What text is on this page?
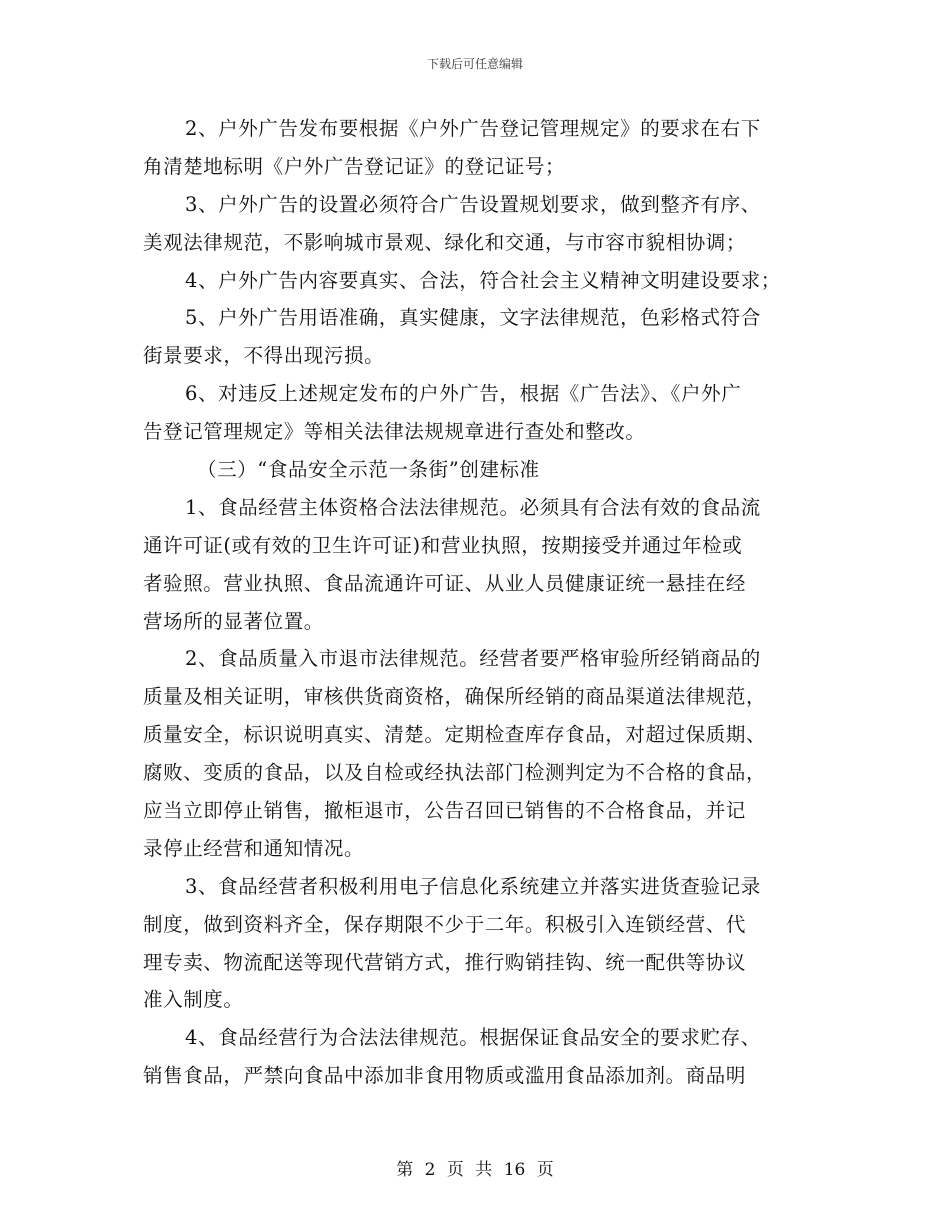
下载后可任意编辑
2、户外广告发布要根据《户外广告登记管理规定》的要求在右下
角清楚地标明《户外广告登记证》的登记证号；
3、户外广告的设置必须符合广告设置规划要求，做到整齐有序、
美观法律规范，不影响城市景观、绿化和交通，与市容市貌相协调；
4、户外广告内容要真实、合法，符合社会主义精神文明建设要求；
5、户外广告用语准确，真实健康，文字法律规范，色彩格式符合
街景要求，不得出现污损。
6、对违反上述规定发布的户外广告，根据《广告法》、《户外广
告登记管理规定》等相关法律法规规章进行查处和整改。
（三）“食品安全示范一条街”创建标准
1、食品经营主体资格合法法律规范。必须具有合法有效的食品流
通许可证(或有效的卫生许可证)和营业执照，按期接受并通过年检或
者验照。营业执照、食品流通许可证、从业人员健康证统一悬挂在经
营场所的显著位置。
2、食品质量入市退市法律规范。经营者要严格审验所经销商品的
质量及相关证明，审核供货商资格，确保所经销的商品渠道法律规范，
质量安全，标识说明真实、清楚。定期检查库存食品，对超过保质期、
腐败、变质的食品，以及自检或经执法部门检测判定为不合格的食品，
应当立即停止销售，撤柜退市，公告召回已销售的不合格食品，并记
录停止经营和通知情况。
3、食品经营者积极利用电子信息化系统建立并落实进货查验记录
制度，做到资料齐全，保存期限不少于二年。积极引入连锁经营、代
理专卖、物流配送等现代营销方式，推行购销挂钩、统一配供等协议
准入制度。
4、食品经营行为合法法律规范。根据保证食品安全的要求贮存、
销售食品，严禁向食品中添加非食用物质或滥用食品添加剂。商品明
第 2 页 共 16 页
